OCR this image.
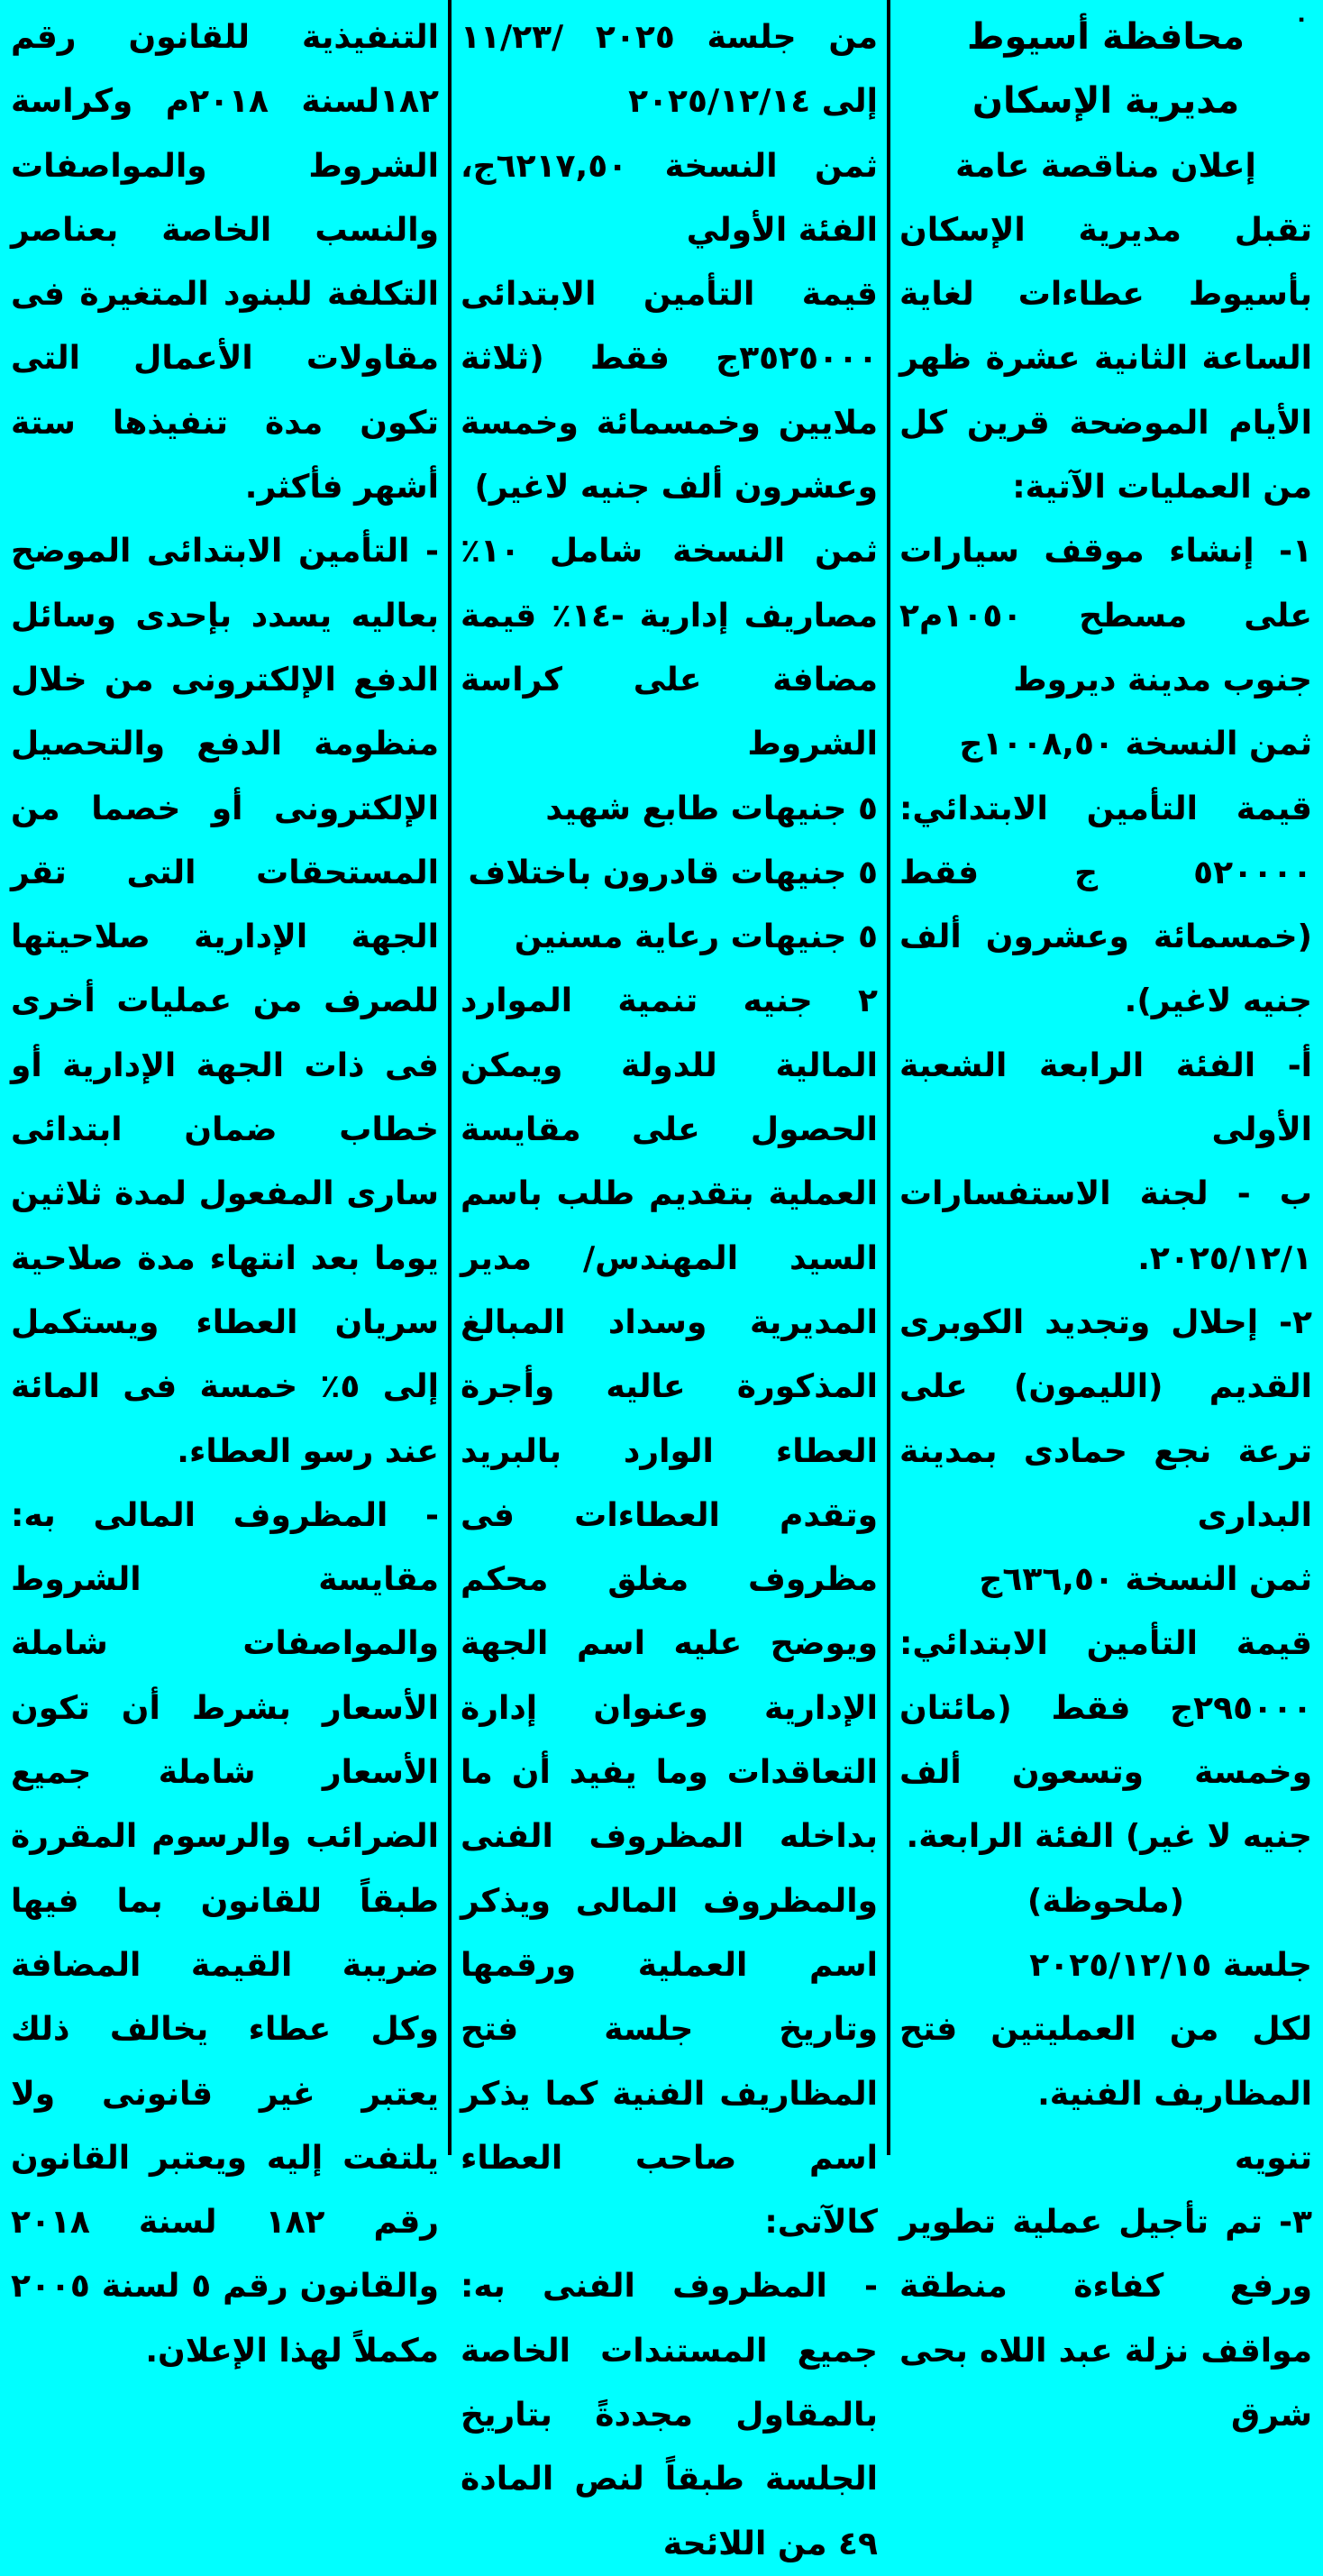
٠

محافظة أسيوط

مديرية الإسكان

إعلان مناقصة عامة

تقبل مديرية الإسكان بأسيوط عطاءات لغاية الساعة الثانية عشرة ظهر الأيام الموضحة قرين كل من العمليات الآتية:

١- إنشاء موقف سيارات على مسطح ١٠٥٠م٢ جنوب مدينة ديروط

ثمن النسخة ١٠٠٨,٥٠ج

قيمة التأمين الابتدائي: ٥٢٠٠٠٠ ج فقط (خمسمائة وعشرون ألف جنيه لاغير).

أ- الفئة الرابعة الشعبة الأولى

ب - لجنة الاستفسارات ٢٠٢٥/١٢/١.

٢- إحلال وتجديد الكوبرى القديم (الليمون) على ترعة نجع حمادى بمدينة البدارى

ثمن النسخة ٦٣٦,٥٠ج

قيمة التأمين الابتدائي: ٢٩٥٠٠٠ج فقط (مائتان وخمسة وتسعون ألف جنيه لا غير) الفئة الرابعة.

(ملحوظة)

جلسة ٢٠٢٥/١٢/١٥

لكل من العمليتين فتح المظاريف الفنية.

تنويه

٣- تم تأجيل عملية تطوير ورفع كفاءة منطقة مواقف نزلة عبد اللاه بحى شرق

من جلسة ٢٠٢٥ /١١/٢٣ إلى ٢٠٢٥/١٢/١٤

ثمن النسخة ٦٢١٧,٥٠ج، الفئة الأولي

قيمة التأمين الابتدائى ٣٥٢٥٠٠٠ج فقط (ثلاثة ملايين وخمسمائة وخمسة وعشرون ألف جنيه لاغير)

ثمن النسخة شامل ١٠٪ مصاريف إدارية -١٤٪ قيمة مضافة على كراسة الشروط

٥ جنيهات طابع شهيد

٥ جنيهات قادرون باختلاف

٥ جنيهات رعاية مسنين

٢ جنيه تنمية الموارد المالية للدولة ويمكن الحصول على مقايسة العملية بتقديم طلب باسم السيد المهندس/ مدير المديرية وسداد المبالغ المذكورة عاليه وأجرة العطاء الوارد بالبريد وتقدم العطاءات فى مظروف مغلق محكم ويوضح عليه اسم الجهة الإدارية وعنوان إدارة التعاقدات وما يفيد أن ما بداخله المظروف الفنى والمظروف المالى ويذكر اسم العملية ورقمها وتاريخ جلسة فتح المظاريف الفنية كما يذكر اسم صاحب العطاء كالآتى:

- المظروف الفنى به: جميع المستندات الخاصة بالمقاول مجددةً بتاريخ الجلسة طبقاً لنص المادة ٤٩ من اللائحة

التنفيذية للقانون رقم ١٨٢لسنة ٢٠١٨م وكراسة الشروط والمواصفات والنسب الخاصة بعناصر التكلفة للبنود المتغيرة فى مقاولات الأعمال التى تكون مدة تنفيذها ستة أشهر فأكثر.

- التأمين الابتدائى الموضح بعاليه يسدد بإحدى وسائل الدفع الإلكترونى من خلال منظومة الدفع والتحصيل الإلكترونى أو خصما من المستحقات التى تقر الجهة الإدارية صلاحيتها للصرف من عمليات أخرى فى ذات الجهة الإدارية أو خطاب ضمان ابتدائى سارى المفعول لمدة ثلاثين يوما بعد انتهاء مدة صلاحية سريان العطاء ويستكمل إلى ٥٪ خمسة فى المائة عند رسو العطاء.

- المظروف المالى به: مقايسة الشروط والمواصفات شاملة الأسعار بشرط أن تكون الأسعار شاملة جميع الضرائب والرسوم المقررة طبقاً للقانون بما فيها ضريبة القيمة المضافة وكل عطاء يخالف ذلك يعتبر غير قانونى ولا يلتفت إليه ويعتبر القانون رقم ١٨٢ لسنة ٢٠١٨ والقانون رقم ٥ لسنة ٢٠٠٥ مكملاً لهذا الإعلان.
